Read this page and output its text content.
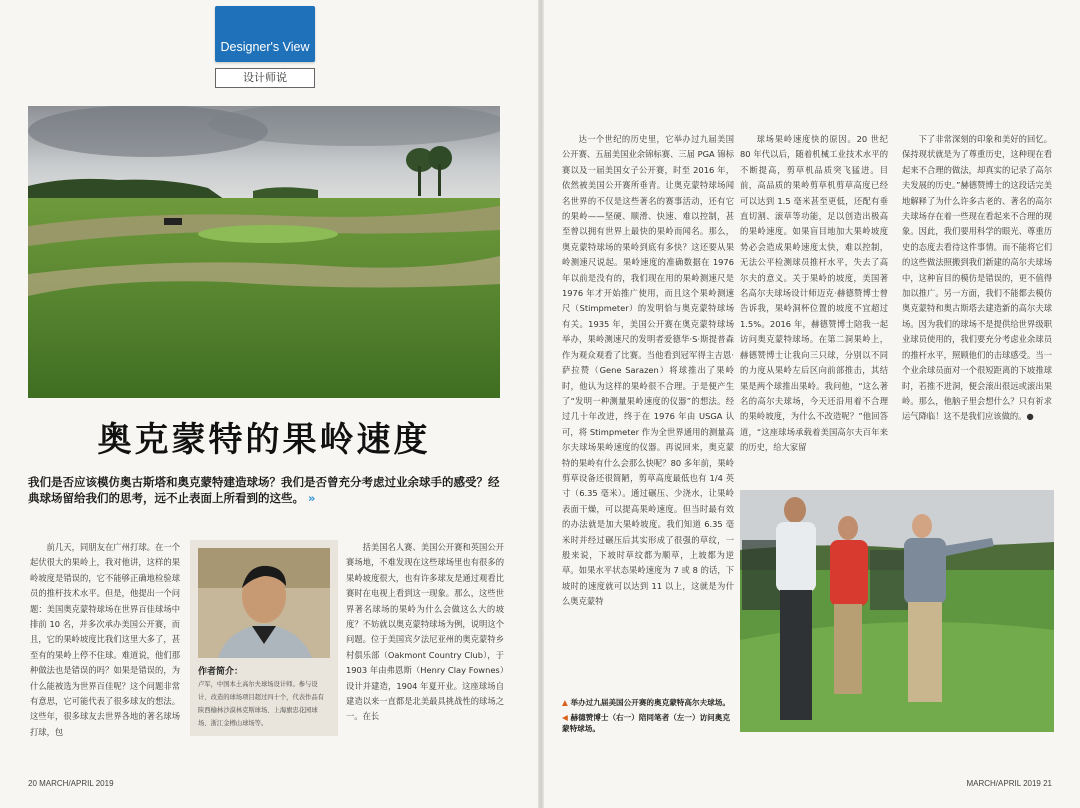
Designer's View
设计师说
奥克蒙特的果岭速度
我们是否应该模仿奥古斯塔和奥克蒙特建造球场？我们是否曾充分考虑过业余球手的感受？经典球场留给我们的思考，远不止表面上所看到的这些。 »

前几天，同朋友在广州打球。在一个起伏很大的果岭上，我对他讲，这样的果岭坡度是错误的，它不能够正确地检验球员的推杆技术水平。但是，他提出一个问题：美国奥克蒙特球场在世界百佳球场中排前 10 名，并多次承办美国公开赛，而且，它的果岭坡度比我们这里大多了，甚至有的果岭上停不住球。难道说，他们那种做法也是错误的吗？如果是错误的，为什么能被选为世界百佳呢？这个问题非常有意思，它可能代表了很多球友的想法。这些年，很多球友去世界各地的著名球场打球，包

作者简介：
卢军，中国本土高尔夫球场设计师。参与设计、改造的球场项目超过四十个，代表作品有陕西榆林沙漠林克斯球场、上海旗忠花园球场、浙江金樽山球场等。

括美国名人赛、美国公开赛和英国公开赛场地，不难发现在这些球场里也有很多的果岭坡度很大，也有许多球友是通过观看比赛时在电视上看到这一现象。那么，这些世界著名球场的果岭为什么会做这么大的坡度？不妨就以奥克蒙特球场为例，说明这个问题。位于美国宾夕法尼亚州的奥克蒙特乡村俱乐部（Oakmont Country Club），于 1903 年由弗恩斯（Henry Clay Fownes）设计并建造，1904 年夏开业。这座球场自建造以来一直都是北美最具挑战性的球场之一。在长

达一个世纪的历史里，它举办过九届美国公开赛、五届美国业余锦标赛、三届 PGA 锦标赛以及一届美国女子公开赛，时至 2016 年，依然被美国公开赛所垂青。让奥克蒙特球场闻名世界的不仅是这些著名的赛事活动，还有它的果岭——坚硬、顺滑、快速、难以控制，甚至曾以拥有世界上最快的果岭而闻名。那么，奥克蒙特球场的果岭到底有多快？这还要从果岭测速尺说起。果岭速度的准确数据在 1976 年以前是没有的，我们现在用的果岭测速尺是 1976 年才开始推广使用，而且这个果岭测速尺（Stimpmeter）的发明恰与奥克蒙特球场有关。1935 年，美国公开赛在奥克蒙特球场举办，果岭测速尺的发明者爱德华·S·斯提普森作为观众观看了比赛。当他看到冠军得主吉恩·萨拉赞（Gene Sarazen）将球推出了果岭时，他认为这样的果岭很不合理。于是便产生了“发明一种测量果岭速度的仪器”的想法。经过几十年改进，终于在 1976 年由 USGA 认可，将 Stimpmeter 作为全世界通用的测量高尔夫球场果岭速度的仪器。再说回来，奥克蒙特的果岭有什么会那么快呢？80 多年前，果岭剪草设备还很简陋，剪草高度最低也有 1/4 英寸（6.35 毫米）。通过碾压、少浇水，让果岭表面干燥，可以提高果岭速度。但当时最有效的办法就是加大果岭坡度。我们知道 6.35 毫米时并经过碾压后其实形成了很强的草纹，一般来说，下坡时草纹都为顺草，上坡都为逆草。如果水平状态果岭速度为 7 或 8 的话，下坡时的速度就可以达到 11 以上，这就是为什么奥克蒙特

球场果岭速度快的原因。20 世纪 80 年代以后，随着机械工业技术水平的不断提高，剪草机品质突飞猛进。目前，高品质的果岭剪草机剪草高度已经可以达到 1.5 毫米甚至更低，还配有垂直切割、滚草等功能，足以创造出极高的果岭速度。如果盲目地加大果岭坡度势必会造成果岭速度太快，难以控制，无法公平检测球员推杆水平，失去了高尔夫的意义。关于果岭的坡度，美国著名高尔夫球场设计师迈克·赫德赞博士曾告诉我，果岭洞杯位置的坡度不宜超过 1.5%。2016 年，赫德赞博士陪我一起访问奥克蒙特球场。在第二洞果岭上，赫德赞博士让我向三只球，分别以不同的力度从果岭左后区向前部推击，其结果是两个球推出果岭。我问他，“这么著名的高尔夫球场，今天还沿用着不合理的果岭坡度，为什么不改造呢？”他回答道，“这座球场承载着美国高尔夫百年来的历史，给大家留

下了非常深刻的印象和美好的回忆。保持现状就是为了尊重历史，这种现在看起来不合理的做法，却真实的记录了高尔夫发展的历史。”赫德赞博士的这段话完美地解释了为什么许多古老的、著名的高尔夫球场存在着一些现在看起来不合理的现象。因此，我们要用科学的眼光、尊重历史的态度去看待这件事情。而不能将它们的这些做法照搬到我们新建的高尔夫球场中，这种盲目的模仿是错误的，更不值得加以推广。另一方面，我们不能都去模仿奥克蒙特和奥古斯塔去建造新的高尔夫球场。因为我们的球场不是提供给世界级职业球员使用的，我们要充分考虑业余球员的推杆水平，照顾他们的击球感受。当一个业余球员面对一个很短距离的下坡推球时，若推不进洞，便会滚出很远或滚出果岭。那么，他脑子里会想什么？只有祈求运气降临！这不是我们应该做的。●

▲ 举办过九届美国公开赛的奥克蒙特高尔夫球场。
◀ 赫德赞博士（右一）陪同笔者（左一）访问奥克蒙特球场。
20 MARCH/APRIL 2019	MARCH/APRIL 2019 21
